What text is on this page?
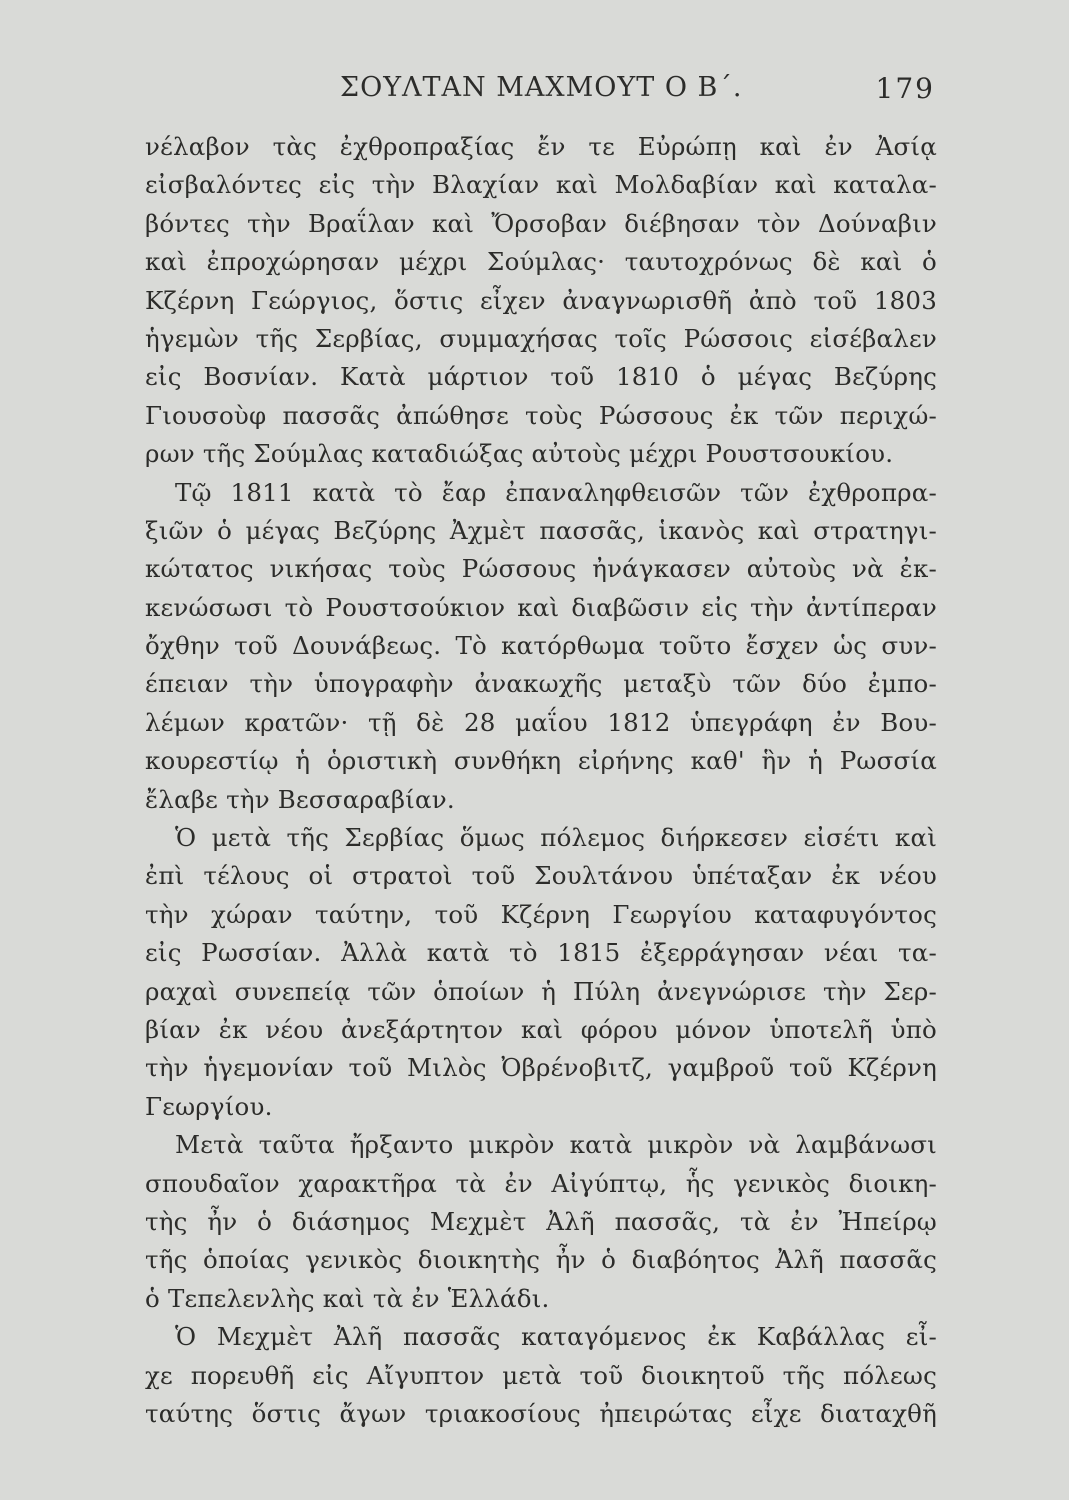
ΣΟΥΛΤΑΝ ΜΑΧΜΟΥΤ Ο Β΄.	179
νέλαβον τὰς ἐχθροπραξίας ἔν τε Εὐρώπῃ καὶ ἐν Ἀσίᾳ
εἰσβαλόντες εἰς τὴν Βλαχίαν καὶ Μολδαβίαν καὶ καταλα-
βόντες τὴν Βραΐλαν καὶ Ὄρσοβαν διέβησαν τὸν Δούναβιν
καὶ ἐπροχώρησαν μέχρι Σούμλας· ταυτοχρόνως δὲ καὶ ὁ
Κζέρνη Γεώργιος, ὅστις εἶχεν ἀναγνωρισθῆ ἀπὸ τοῦ 1803
ἡγεμὼν τῆς Σερβίας, συμμαχήσας τοῖς Ρώσσοις εἰσέβαλεν
εἰς Βοσνίαν. Κατὰ μάρτιον τοῦ 1810 ὁ μέγας Βεζύρης
Γιουσοὺφ πασσᾶς ἀπώθησε τοὺς Ρώσσους ἐκ τῶν περιχώ-
ρων τῆς Σούμλας καταδιώξας αὐτοὺς μέχρι Ρουστσουκίου.
Τῷ 1811 κατὰ τὸ ἔαρ ἐπαναληφθεισῶν τῶν ἐχθροπρα-
ξιῶν ὁ μέγας Βεζύρης Ἀχμὲτ πασσᾶς, ἱκανὸς καὶ στρατηγι-
κώτατος νικήσας τοὺς Ρώσσους ἠνάγκασεν αὐτοὺς νὰ ἐκ-
κενώσωσι τὸ Ρουστσούκιον καὶ διαβῶσιν εἰς τὴν ἀντίπεραν
ὄχθην τοῦ Δουνάβεως. Τὸ κατόρθωμα τοῦτο ἔσχεν ὡς συν-
έπειαν τὴν ὑπογραφὴν ἀνακωχῆς μεταξὺ τῶν δύο ἐμπο-
λέμων κρατῶν· τῇ δὲ 28 μαΐου 1812 ὑπεγράφη ἐν Βου-
κουρεστίῳ ἡ ὁριστικὴ συνθήκη εἰρήνης καθ' ἣν ἡ Ρωσσία
ἔλαβε τὴν Βεσσαραβίαν.
Ὁ μετὰ τῆς Σερβίας ὅμως πόλεμος διήρκεσεν εἰσέτι καὶ
ἐπὶ τέλους οἱ στρατοὶ τοῦ Σουλτάνου ὑπέταξαν ἐκ νέου
τὴν χώραν ταύτην, τοῦ Κζέρνη Γεωργίου καταφυγόντος
εἰς Ρωσσίαν. Ἀλλὰ κατὰ τὸ 1815 ἐξερράγησαν νέαι τα-
ραχαὶ συνεπείᾳ τῶν ὁποίων ἡ Πύλη ἀνεγνώρισε τὴν Σερ-
βίαν ἐκ νέου ἀνεξάρτητον καὶ φόρου μόνον ὑποτελῆ ὑπὸ
τὴν ἡγεμονίαν τοῦ Μιλὸς Ὀβρένοβιτζ, γαμβροῦ τοῦ Κζέρνη
Γεωργίου.
Μετὰ ταῦτα ἤρξαντο μικρὸν κατὰ μικρὸν νὰ λαμβάνωσι
σπουδαῖον χαρακτῆρα τὰ ἐν Αἰγύπτῳ, ἧς γενικὸς διοικη-
τὴς ἦν ὁ διάσημος Μεχμὲτ Ἀλῆ πασσᾶς, τὰ ἐν Ἠπείρῳ
τῆς ὁποίας γενικὸς διοικητὴς ἦν ὁ διαβόητος Ἀλῆ πασσᾶς
ὁ Τεπελενλὴς καὶ τὰ ἐν Ἑλλάδι.
Ὁ Μεχμὲτ Ἀλῆ πασσᾶς καταγόμενος ἐκ Καβάλλας εἶ-
χε πορευθῆ εἰς Αἴγυπτον μετὰ τοῦ διοικητοῦ τῆς πόλεως
ταύτης ὅστις ἄγων τριακοσίους ἠπειρώτας εἶχε διαταχθῆ
